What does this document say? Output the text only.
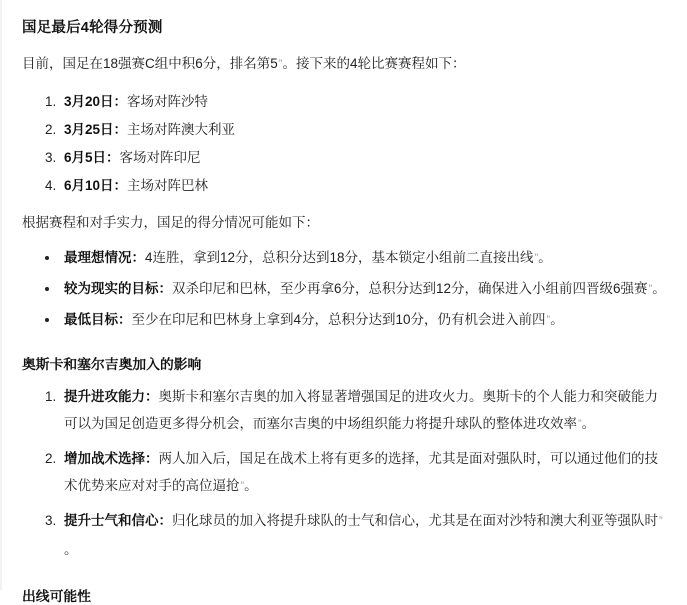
国足最后4轮得分预测

目前，国足在18强赛C组中积6分，排名第5”。接下来的4轮比赛赛程如下：

1. 3月20日：客场对阵沙特
2. 3月25日：主场对阵澳大利亚
3. 6月5日：客场对阵印尼
4. 6月10日：主场对阵巴林

根据赛程和对手实力，国足的得分情况可能如下：

• 最理想情况：4连胜，拿到12分，总积分达到18分，基本锁定小组前二直接出线”。
• 较为现实的目标：双杀印尼和巴林，至少再拿6分，总积分达到12分，确保进入小组前四晋级6强赛”。
• 最低目标：至少在印尼和巴林身上拿到4分，总积分达到10分，仍有机会进入前四”。
奥斯卡和塞尔吉奥加入的影响
1. 提升进攻能力：奥斯卡和塞尔吉奥的加入将显著增强国足的进攻火力。奥斯卡的个人能力和突破能力可以为国足创造更多得分机会，而塞尔吉奥的中场组织能力将提升球队的整体进攻效率”。
2. 增加战术选择：两人加入后，国足在战术上将有更多的选择，尤其是面对强队时，可以通过他们的技术优势来应对对手的高位逼抢”。
3. 提升士气和信心：归化球员的加入将提升球队的士气和信心，尤其是在面对沙特和澳大利亚等强队时”。
出线可能性
